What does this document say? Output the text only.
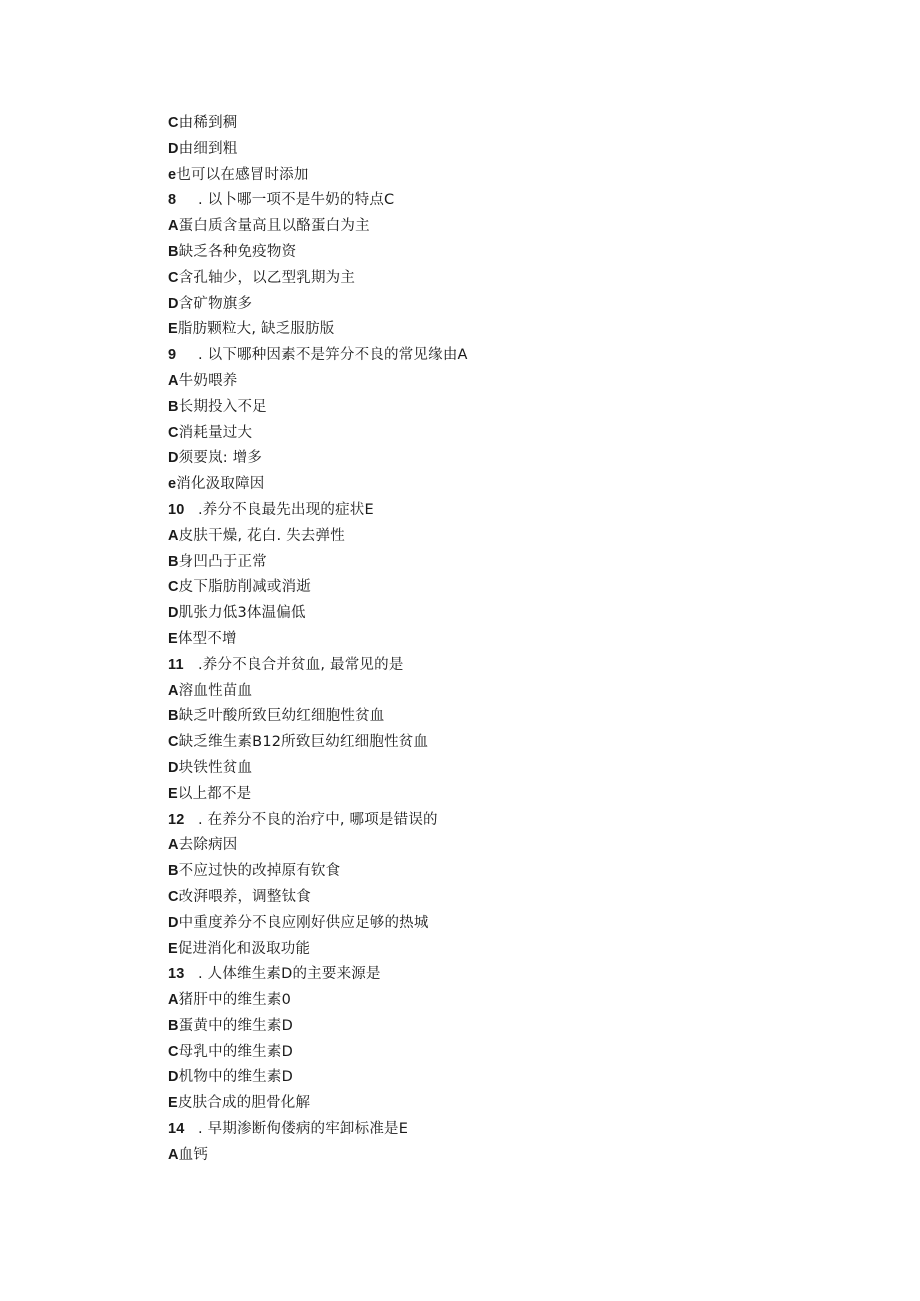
C由稀到稠
D由细到粗
e也可以在感冒时添加
8 . 以卜哪一项不是牛奶的特点C
A蛋白质含量高且以酪蛋白为主
B缺乏各种免疫物资
C含孔轴少，以乙型乳期为主
D含矿物旗多
E脂肪颗粒大, 缺乏服肪版
9 . 以下哪种因素不是笄分不良的常见缘由A
A牛奶喂养
B长期投入不足
C消耗量过大
D须要岚: 增多
e消化汲取障因
10 .养分不良最先出现的症状E
A皮肤干燥, 花白. 失去弹性
B身凹凸于正常
C皮下脂肪削减或消逝
D肌张力低3体温偏低
E体型不增
11 .养分不良合并贫血, 最常见的是
A溶血性苗血
B缺乏叶酸所致巨幼红细胞性贫血
C缺乏维生素B12所致巨幼红细胞性贫血
D块铁性贫血
E以上都不是
12 . 在养分不良的治疗中, 哪项是错误的
A去除病因
B不应过快的改掉原有钦食
C改湃喂养，调整钛食
D中重度养分不良应刚好供应足够的热城
E促进消化和汲取功能
13 . 人体维生素D的主要来源是
A猪肝中的维生素0
B蛋黄中的维生素D
C母乳中的维生素D
D机物中的维生素D
E皮肤合成的胆骨化解
14 . 早期渗断佝偻病的牢卸标准是E
A血钙
